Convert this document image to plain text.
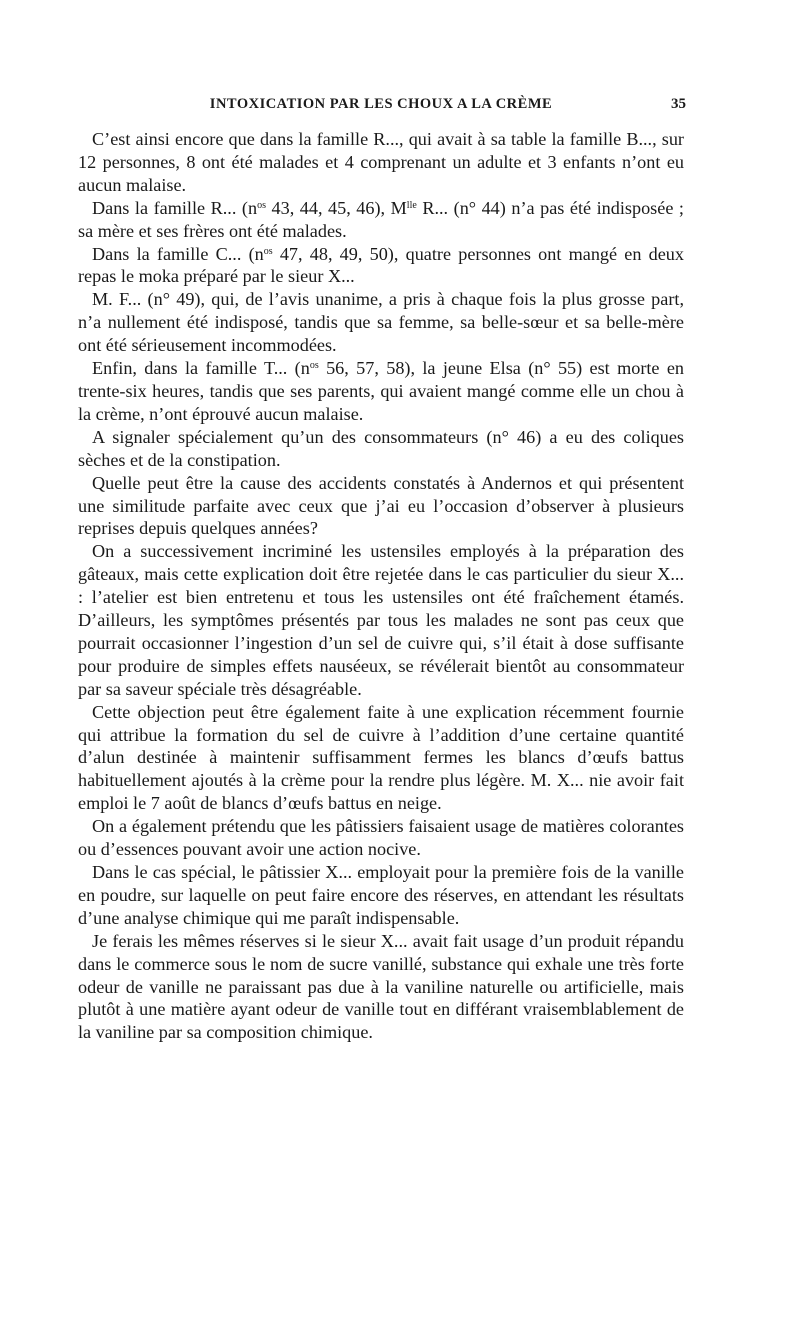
INTOXICATION PAR LES CHOUX A LA CRÈME	35

C’est ainsi encore que dans la famille R..., qui avait à sa table la famille B..., sur 12 personnes, 8 ont été malades et 4 comprenant un adulte et 3 enfants n’ont eu aucun malaise.

Dans la famille R... ($n^{os}$ 43, 44, 45, 46), $M^{lle}$ R... (n° 44) n’a pas été indisposée ; sa mère et ses frères ont été malades.

Dans la famille C... ($n^{os}$ 47, 48, 49, 50), quatre personnes ont mangé en deux repas le moka préparé par le sieur X...

M. F... (n° 49), qui, de l’avis unanime, a pris à chaque fois la plus grosse part, n’a nullement été indisposé, tandis que sa femme, sa belle-sœur et sa belle-mère ont été sérieusement incommodées.

Enfin, dans la famille T... ($n^{os}$ 56, 57, 58), la jeune Elsa (n° 55) est morte en trente-six heures, tandis que ses parents, qui avaient mangé comme elle un chou à la crème, n’ont éprouvé aucun malaise.

A signaler spécialement qu’un des consommateurs (n° 46) a eu des coliques sèches et de la constipation.

Quelle peut être la cause des accidents constatés à Andernos et qui présentent une similitude parfaite avec ceux que j’ai eu l’occasion d’observer à plusieurs reprises depuis quelques années?

On a successivement incriminé les ustensiles employés à la préparation des gâteaux, mais cette explication doit être rejetée dans le cas particulier du sieur X... : l’atelier est bien entretenu et tous les ustensiles ont été fraîchement étamés. D’ailleurs, les symptômes présentés par tous les malades ne sont pas ceux que pourrait occasionner l’ingestion d’un sel de cuivre qui, s’il était à dose suffisante pour produire de simples effets nauséeux, se révélerait bientôt au consommateur par sa saveur spéciale très désagréable.

Cette objection peut être également faite à une explication récemment fournie qui attribue la formation du sel de cuivre à l’addition d’une certaine quantité d’alun destinée à maintenir suffisamment fermes les blancs d’œufs battus habituellement ajoutés à la crème pour la rendre plus légère. M. X... nie avoir fait emploi le 7 août de blancs d’œufs battus en neige.

On a également prétendu que les pâtissiers faisaient usage de matières colorantes ou d’essences pouvant avoir une action nocive.

Dans le cas spécial, le pâtissier X... employait pour la première fois de la vanille en poudre, sur laquelle on peut faire encore des réserves, en attendant les résultats d’une analyse chimique qui me paraît indispensable.

Je ferais les mêmes réserves si le sieur X... avait fait usage d’un produit répandu dans le commerce sous le nom de sucre vanillé, substance qui exhale une très forte odeur de vanille ne paraissant pas due à la vaniline naturelle ou artificielle, mais plutôt à une matière ayant odeur de vanille tout en différant vraisemblablement de la vaniline par sa composition chimique.
